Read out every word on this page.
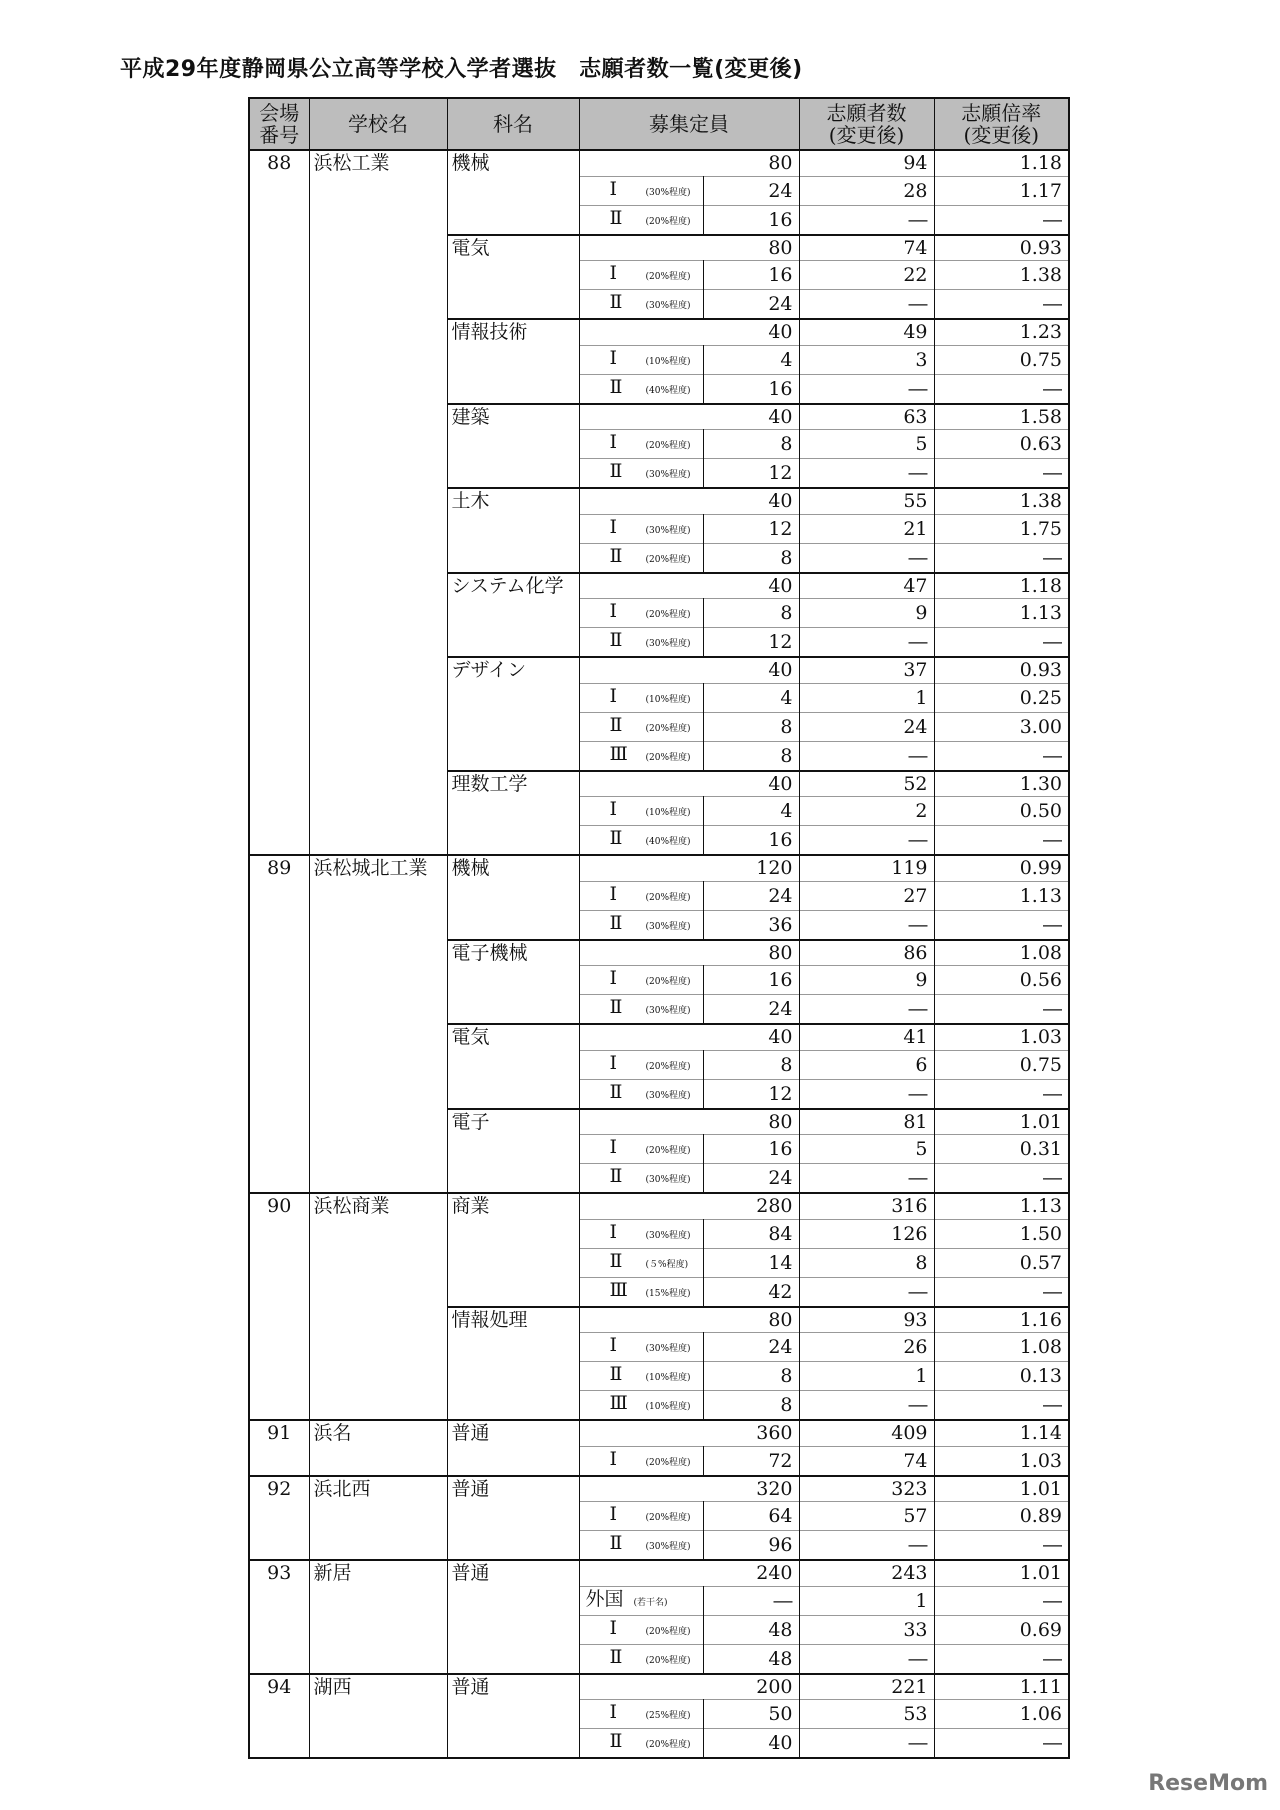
平成29年度静岡県公立高等学校入学者選抜　志願者数一覧(変更後)
会場番号	学校名	科名	募集定員		志願者数(変更後)	志願倍率(変更後)
88	浜松工業	機械	80		94	1.18
			Ⅰ (30%程度)	24	28	1.17
			Ⅱ (20%程度)	16	―	―
		電気	80		74	0.93
			Ⅰ (20%程度)	16	22	1.38
			Ⅱ (30%程度)	24	―	―
		情報技術	40		49	1.23
			Ⅰ (10%程度)	4	3	0.75
			Ⅱ (40%程度)	16	―	―
		建築	40		63	1.58
			Ⅰ (20%程度)	8	5	0.63
			Ⅱ (30%程度)	12	―	―
		土木	40		55	1.38
			Ⅰ (30%程度)	12	21	1.75
			Ⅱ (20%程度)	8	―	―
		システム化学	40		47	1.18
			Ⅰ (20%程度)	8	9	1.13
			Ⅱ (30%程度)	12	―	―
		デザイン	40		37	0.93
			Ⅰ (10%程度)	4	1	0.25
			Ⅱ (20%程度)	8	24	3.00
			Ⅲ (20%程度)	8	―	―
		理数工学	40		52	1.30
			Ⅰ (10%程度)	4	2	0.50
			Ⅱ (40%程度)	16	―	―
89	浜松城北工業	機械	120		119	0.99
			Ⅰ (20%程度)	24	27	1.13
			Ⅱ (30%程度)	36	―	―
		電子機械	80		86	1.08
			Ⅰ (20%程度)	16	9	0.56
			Ⅱ (30%程度)	24	―	―
		電気	40		41	1.03
			Ⅰ (20%程度)	8	6	0.75
			Ⅱ (30%程度)	12	―	―
		電子	80		81	1.01
			Ⅰ (20%程度)	16	5	0.31
			Ⅱ (30%程度)	24	―	―
90	浜松商業	商業	280		316	1.13
			Ⅰ (30%程度)	84	126	1.50
			Ⅱ (５%程度)	14	8	0.57
			Ⅲ (15%程度)	42	―	―
		情報処理	80		93	1.16
			Ⅰ (30%程度)	24	26	1.08
			Ⅱ (10%程度)	8	1	0.13
			Ⅲ (10%程度)	8	―	―
91	浜名	普通	360		409	1.14
			Ⅰ (20%程度)	72	74	1.03
92	浜北西	普通	320		323	1.01
			Ⅰ (20%程度)	64	57	0.89
			Ⅱ (30%程度)	96	―	―
93	新居	普通	240		243	1.01
			外国 (若干名)	―	1	―
			Ⅰ (20%程度)	48	33	0.69
			Ⅱ (20%程度)	48	―	―
94	湖西	普通	200		221	1.11
			Ⅰ (25%程度)	50	53	1.06
			Ⅱ (20%程度)	40	―	―
ReseMom
